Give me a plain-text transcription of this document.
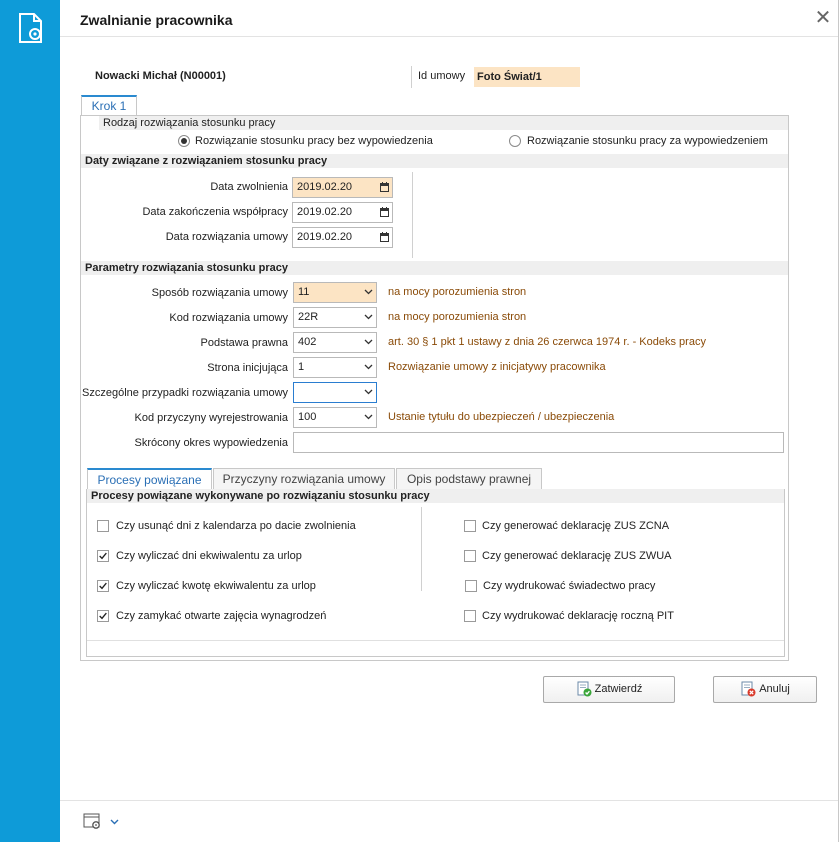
Zwalnianie pracownika	✕
Nowacki Michał (N00001)	Id umowy Foto Świat/1
Krok 1
Rodzaj rozwiązania stosunku pracy
Rozwiązanie stosunku pracy bez wypowiedzenia	Rozwiązanie stosunku pracy za wypowiedzeniem
Daty związane z rozwiązaniem stosunku pracy
Data zwolnienia 2019.02.20
Data zakończenia współpracy 2019.02.20
Data rozwiązania umowy 2019.02.20
Parametry rozwiązania stosunku pracy
Sposób rozwiązania umowy 11	na mocy porozumienia stron
Kod rozwiązania umowy 22R	na mocy porozumienia stron
Podstawa prawna 402	art. 30 § 1 pkt 1 ustawy z dnia 26 czerwca 1974 r. - Kodeks pracy
Strona inicjująca 1	Rozwiązanie umowy z inicjatywy pracownika
Szczególne przypadki rozwiązania umowy
Kod przyczyny wyrejestrowania 100	Ustanie tytułu do ubezpieczeń / ubezpieczenia
Skrócony okres wypowiedzenia
Procesy powiązane	Przyczyny rozwiązania umowy	Opis podstawy prawnej
Procesy powiązane wykonywane po rozwiązaniu stosunku pracy
Czy usunąć dni z kalendarza po dacie zwolnienia
Czy wyliczać dni ekwiwalentu za urlop
Czy wyliczać kwotę ekwiwalentu za urlop
Czy zamykać otwarte zajęcia wynagrodzeń
Czy generować deklarację ZUS ZCNA
Czy generować deklarację ZUS ZWUA
Czy wydrukować świadectwo pracy
Czy wydrukować deklarację roczną PIT
Zatwierdź	Anuluj
